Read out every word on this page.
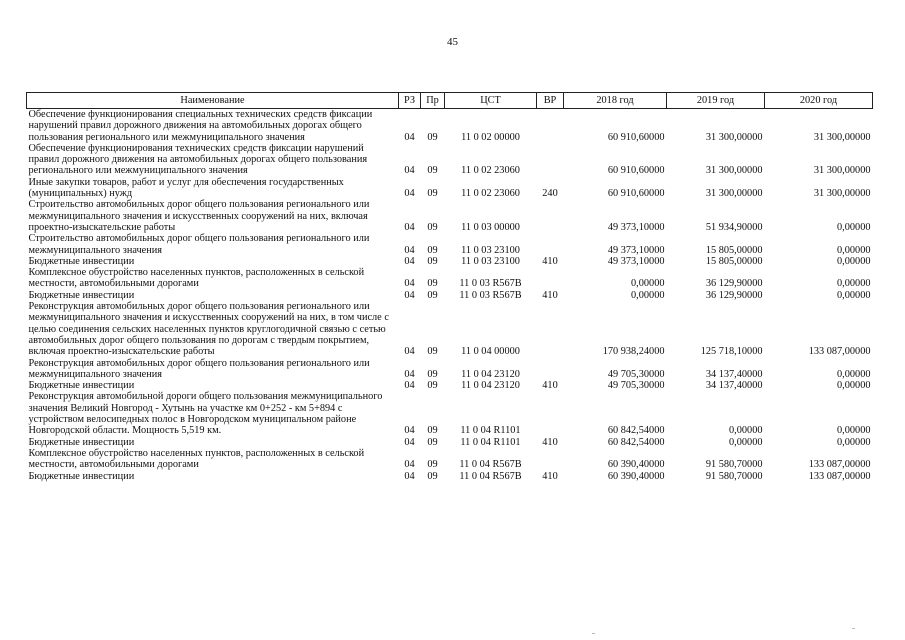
45
Наименование	РЗ	Пр	ЦСТ	ВР	2018 год	2019 год	2020 год
Обеспечение функционирования специальных технических средств фиксации нарушений правил дорожного движения на автомобильных дорогах общего пользования регионального или межмуниципального значения	04	09	11 0 02 00000		60 910,60000	31 300,00000	31 300,00000
Обеспечение функционирования технических средств фиксации нарушений правил дорожного движения на автомобильных дорогах общего пользования регионального или межмуниципального значения	04	09	11 0 02 23060		60 910,60000	31 300,00000	31 300,00000
Иные закупки товаров, работ и услуг для обеспечения государственных (муниципальных) нужд	04	09	11 0 02 23060	240	60 910,60000	31 300,00000	31 300,00000
Строительство автомобильных дорог общего пользования регионального или межмуниципального значения и искусственных сооружений на них, включая проектно-изыскательские работы	04	09	11 0 03 00000		49 373,10000	51 934,90000	0,00000
Строительство автомобильных дорог общего пользования регионального или межмуниципального значения	04	09	11 0 03 23100		49 373,10000	15 805,00000	0,00000
Бюджетные инвестиции	04	09	11 0 03 23100	410	49 373,10000	15 805,00000	0,00000
Комплексное обустройство населенных пунктов, расположенных в сельской местности, автомобильными дорогами	04	09	11 0 03 R567B		0,00000	36 129,90000	0,00000
Бюджетные инвестиции	04	09	11 0 03 R567B	410	0,00000	36 129,90000	0,00000
Реконструкция автомобильных дорог общего пользования регионального или межмуниципального значения и искусственных сооружений на них, в том числе с целью соединения сельских населенных пунктов круглогодичной связью с сетью автомобильных дорог общего пользования по дорогам с твердым покрытием, включая проектно-изыскательские работы	04	09	11 0 04 00000		170 938,24000	125 718,10000	133 087,00000
Реконструкция автомобильных дорог общего пользования регионального или межмуниципального значения	04	09	11 0 04 23120		49 705,30000	34 137,40000	0,00000
Бюджетные инвестиции	04	09	11 0 04 23120	410	49 705,30000	34 137,40000	0,00000
Реконструкция автомобильной дороги общего пользования межмуниципального значения Великий Новгород - Хутынь на участке км 0+252 - км 5+894 с устройством велосипедных полос в Новгородском муниципальном районе Новгородской области. Мощность 5,519 км.	04	09	11 0 04 R1101		60 842,54000	0,00000	0,00000
Бюджетные инвестиции	04	09	11 0 04 R1101	410	60 842,54000	0,00000	0,00000
Комплексное обустройство населенных пунктов, расположенных в сельской местности, автомобильными дорогами	04	09	11 0 04 R567B		60 390,40000	91 580,70000	133 087,00000
Бюджетные инвестиции	04	09	11 0 04 R567B	410	60 390,40000	91 580,70000	133 087,00000
